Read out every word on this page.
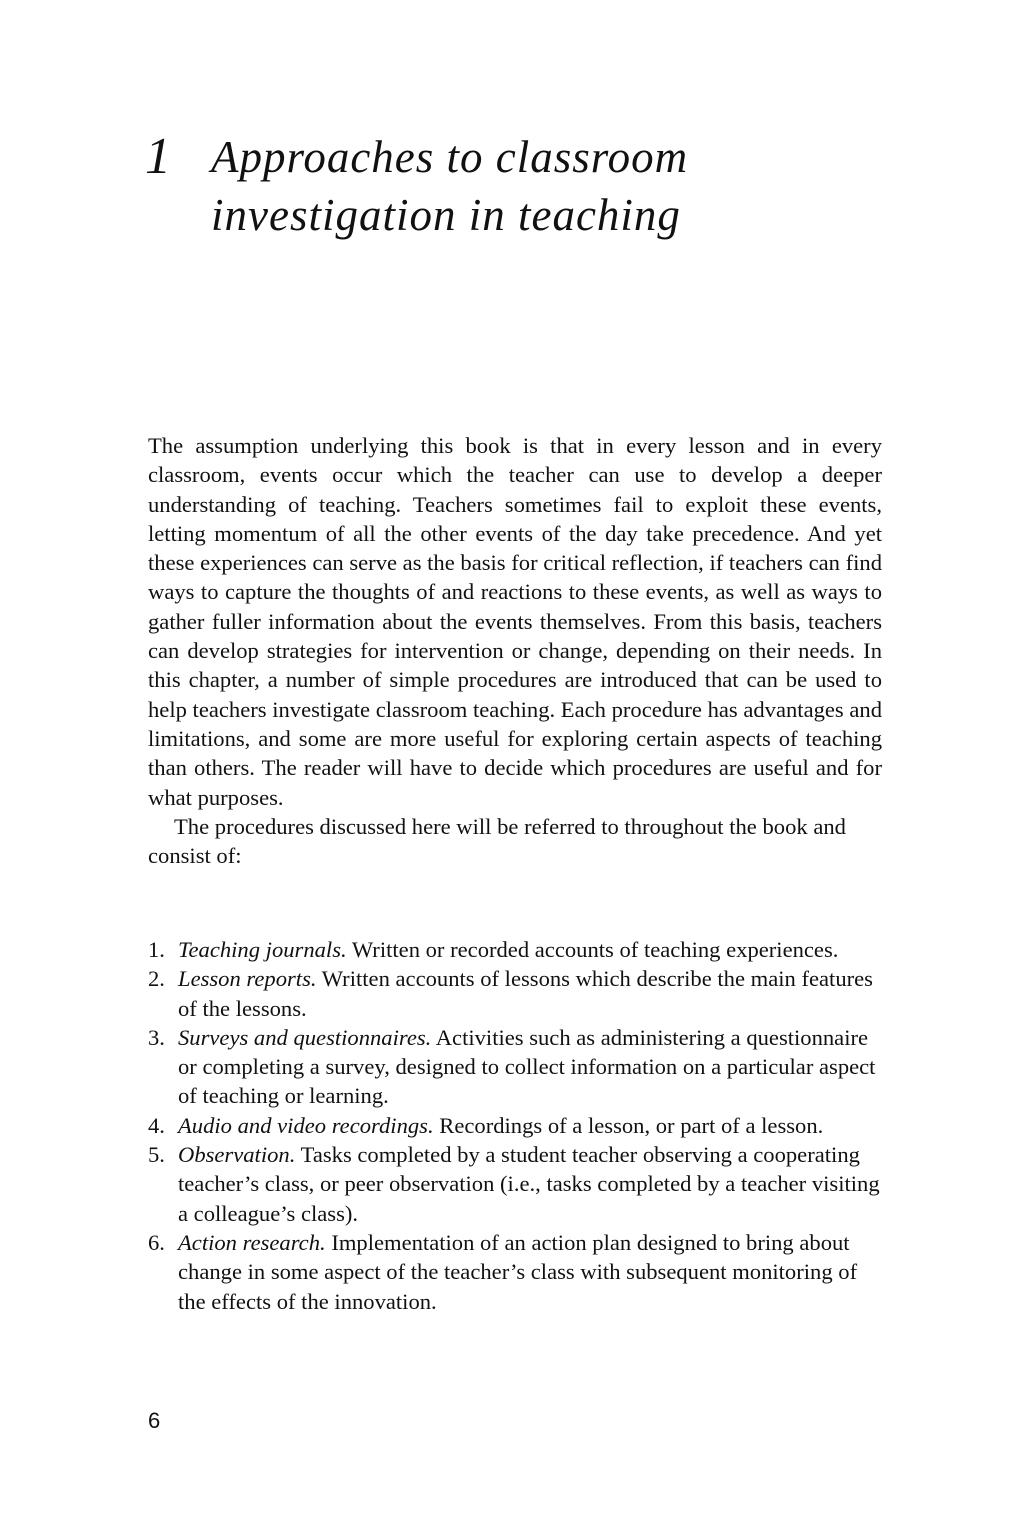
1 Approaches to classroom
investigation in teaching

The assumption underlying this book is that in every lesson and in every classroom, events occur which the teacher can use to develop a deeper understanding of teaching. Teachers sometimes fail to exploit these events, letting momentum of all the other events of the day take precedence. And yet these experiences can serve as the basis for critical reflection, if teachers can find ways to capture the thoughts of and reactions to these events, as well as ways to gather fuller information about the events themselves. From this basis, teachers can develop strategies for intervention or change, depending on their needs. In this chapter, a number of simple procedures are introduced that can be used to help teachers investigate classroom teaching. Each procedure has advantages and limitations, and some are more useful for exploring certain aspects of teaching than others. The reader will have to decide which procedures are useful and for what purposes.

The procedures discussed here will be referred to throughout the book and consist of:

1. Teaching journals. Written or recorded accounts of teaching experiences.
2. Lesson reports. Written accounts of lessons which describe the main features of the lessons.
3. Surveys and questionnaires. Activities such as administering a questionnaire or completing a survey, designed to collect information on a particular aspect of teaching or learning.
4. Audio and video recordings. Recordings of a lesson, or part of a lesson.
5. Observation. Tasks completed by a student teacher observing a cooperating teacher’s class, or peer observation (i.e., tasks completed by a teacher visiting a colleague’s class).
6. Action research. Implementation of an action plan designed to bring about change in some aspect of the teacher’s class with subsequent monitoring of the effects of the innovation.
6
